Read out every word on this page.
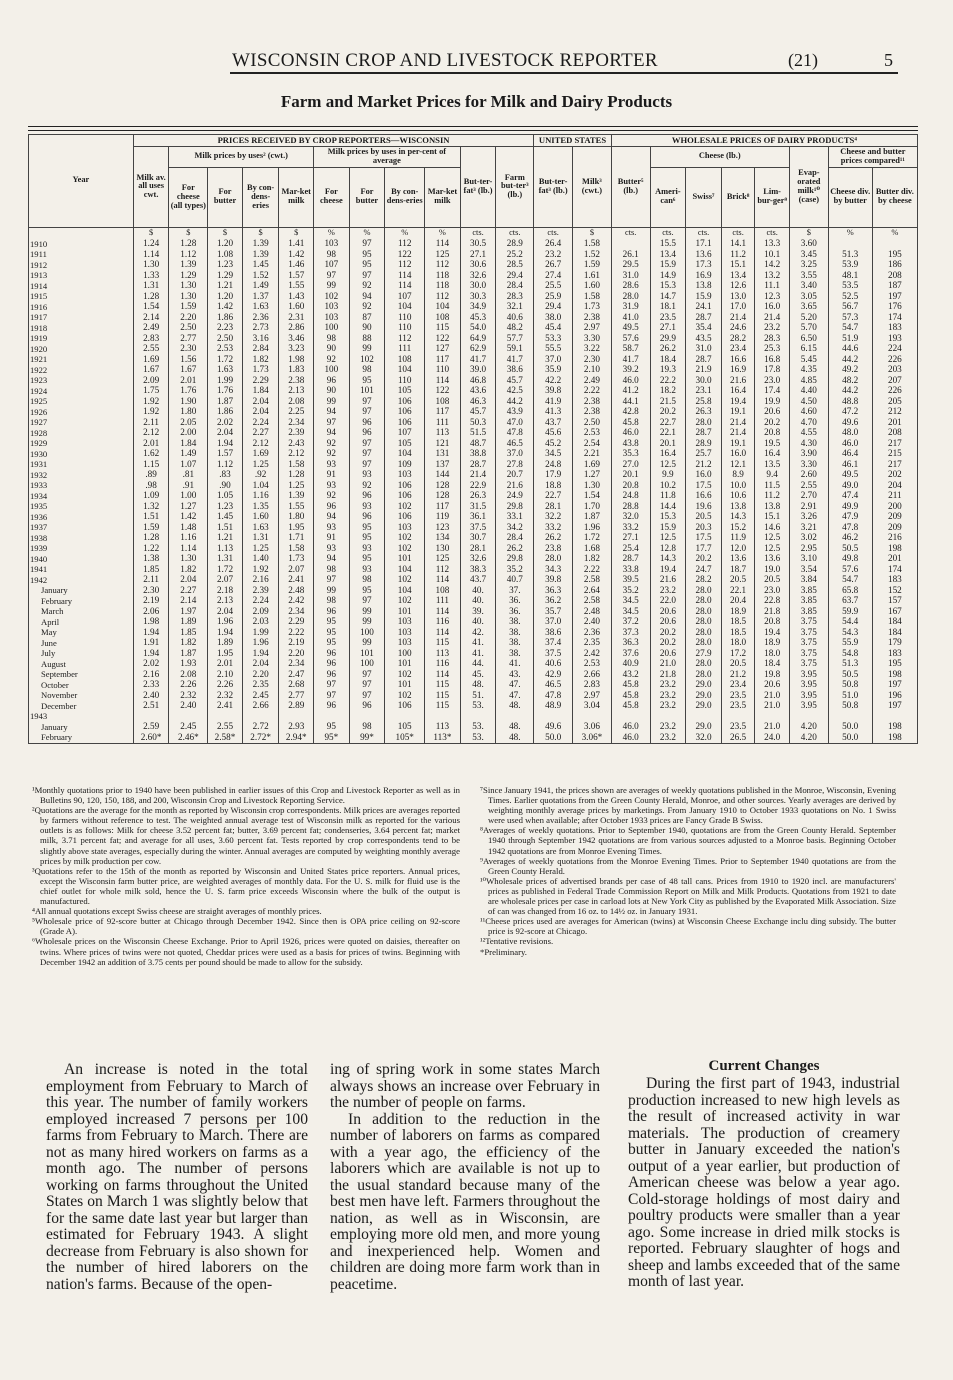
WISCONSIN CROP AND LIVESTOCK REPORTER	(21)	5
Farm and Market Prices for Milk and Dairy Products
Year	PRICES RECEIVED BY CROP REPORTERS—WISCONSIN											UNITED STATES		WHOLESALE PRICES OF DAIRY PRODUCTS⁴							
	Milk av. all uses cwt.	Milk prices by uses² (cwt.)				Milk prices by uses in per-cent of average				But-ter-fat³ (lb.)	Farm but-ter³ (lb.)	But-ter-fat³ (lb.)	Milk³ (cwt.)	Butter⁵ (lb.)	Cheese (lb.)				Evap-orated milk¹⁰ (case)	Cheese and butter prices compared¹¹	
		For cheese (all types)	For butter	By con-dens-eries	Mar-ket milk	For cheese	For butter	By con-dens-eries	Mar-ket milk						Ameri-can⁶	Swiss⁷	Brick⁸	Lim-bur-ger⁹		Cheese div. by butter	Butter div. by cheese
	$	$	$	$	$	%	%	%	%	cts.	cts.	cts.	$	cts.	cts.	cts.	cts.	cts.	$	%	%
1910	1.24	1.28	1.20	1.39	1.41	103	97	112	114	30.5	28.9	26.4	1.58		15.5	17.1	14.1	13.3	3.60		
1911	1.14	1.12	1.08	1.39	1.42	98	95	122	125	27.1	25.2	23.2	1.52	26.1	13.4	13.6	11.2	10.1	3.45	51.3	195
1912	1.30	1.39	1.23	1.45	1.46	107	95	112	112	30.6	28.5	26.7	1.59	29.5	15.9	17.3	15.1	14.2	3.25	53.9	186
1913	1.33	1.29	1.29	1.52	1.57	97	97	114	118	32.6	29.4	27.4	1.61	31.0	14.9	16.9	13.4	13.2	3.55	48.1	208
1914	1.31	1.30	1.21	1.49	1.55	99	92	114	118	30.0	28.4	25.5	1.60	28.6	15.3	13.8	12.6	11.1	3.40	53.5	187
1915	1.28	1.30	1.20	1.37	1.43	102	94	107	112	30.3	28.3	25.9	1.58	28.0	14.7	15.9	13.0	12.3	3.05	52.5	197
1916	1.54	1.59	1.42	1.63	1.60	103	92	104	104	34.9	32.1	29.4	1.73	31.9	18.1	24.1	17.0	16.0	3.65	56.7	176
1917	2.14	2.20	1.86	2.36	2.31	103	87	110	108	45.3	40.6	38.0	2.38	41.0	23.5	28.7	21.4	21.4	5.20	57.3	174
1918	2.49	2.50	2.23	2.73	2.86	100	90	110	115	54.0	48.2	45.4	2.97	49.5	27.1	35.4	24.6	23.2	5.70	54.7	183
1919	2.83	2.77	2.50	3.16	3.46	98	88	112	122	64.9	57.7	53.3	3.30	57.6	29.9	43.5	28.2	28.3	6.50	51.9	193
1920	2.55	2.30	2.53	2.84	3.23	90	99	111	127	62.9	59.1	55.5	3.22	58.7	26.2	31.0	23.4	25.3	6.15	44.6	224
1921	1.69	1.56	1.72	1.82	1.98	92	102	108	117	41.7	41.7	37.0	2.30	41.7	18.4	28.7	16.6	16.8	5.45	44.2	226
1922	1.67	1.67	1.63	1.73	1.83	100	98	104	110	39.0	38.6	35.9	2.10	39.2	19.3	21.9	16.9	17.8	4.35	49.2	203
1923	2.09	2.01	1.99	2.29	2.38	96	95	110	114	46.8	45.7	42.2	2.49	46.0	22.2	30.0	21.6	23.0	4.85	48.2	207
1924	1.75	1.76	1.76	1.84	2.13	90	101	105	122	43.6	42.5	39.8	2.22	41.2	18.2	23.1	16.4	17.4	4.40	44.2	226
1925	1.92	1.90	1.87	2.04	2.08	99	97	106	108	46.3	44.2	41.9	2.38	44.1	21.5	25.8	19.4	19.9	4.50	48.8	205
1926	1.92	1.80	1.86	2.04	2.25	94	97	106	117	45.7	43.9	41.3	2.38	42.8	20.2	26.3	19.1	20.6	4.60	47.2	212
1927	2.11	2.05	2.02	2.24	2.34	97	96	106	111	50.3	47.0	43.7	2.50	45.8	22.7	28.0	21.4	20.2	4.70	49.6	201
1928	2.12	2.00	2.04	2.27	2.39	94	96	107	113	51.5	47.8	45.6	2.53	46.0	22.1	28.7	21.4	20.8	4.55	48.0	208
1929	2.01	1.84	1.94	2.12	2.43	92	97	105	121	48.7	46.5	45.2	2.54	43.8	20.1	28.9	19.1	19.5	4.30	46.0	217
1930	1.62	1.49	1.57	1.69	2.12	92	97	104	131	38.8	37.0	34.5	2.21	35.3	16.4	25.7	16.0	16.4	3.90	46.4	215
1931	1.15	1.07	1.12	1.25	1.58	93	97	109	137	28.7	27.8	24.8	1.69	27.0	12.5	21.2	12.1	13.5	3.30	46.1	217
1932	.89	.81	.83	.92	1.28	91	93	103	144	21.4	20.7	17.9	1.27	20.1	9.9	16.0	8.9	9.4	2.60	49.5	202
1933	.98	.91	.90	1.04	1.25	93	92	106	128	22.9	21.6	18.8	1.30	20.8	10.2	17.5	10.0	11.5	2.55	49.0	204
1934	1.09	1.00	1.05	1.16	1.39	92	96	106	128	26.3	24.9	22.7	1.54	24.8	11.8	16.6	10.6	11.2	2.70	47.4	211
1935	1.32	1.27	1.23	1.35	1.55	96	93	102	117	31.5	29.8	28.1	1.70	28.8	14.4	19.6	13.8	13.8	2.91	49.9	200
1936	1.51	1.42	1.45	1.60	1.80	94	96	106	119	36.1	33.1	32.2	1.87	32.0	15.3	20.5	14.3	15.1	3.26	47.9	209
1937	1.59	1.48	1.51	1.63	1.95	93	95	103	123	37.5	34.2	33.2	1.96	33.2	15.9	20.3	15.2	14.6	3.21	47.8	209
1938	1.28	1.16	1.21	1.31	1.71	91	95	102	134	30.7	28.4	26.2	1.72	27.1	12.5	17.5	11.9	12.5	3.02	46.2	216
1939	1.22	1.14	1.13	1.25	1.58	93	93	102	130	28.1	26.2	23.8	1.68	25.4	12.8	17.7	12.0	12.5	2.95	50.5	198
1940	1.38	1.30	1.31	1.40	1.73	94	95	101	125	32.6	29.8	28.0	1.82	28.7	14.3	20.2	13.6	13.6	3.10	49.8	201
1941	1.85	1.82	1.72	1.92	2.07	98	93	104	112	38.3	35.2	34.3	2.22	33.8	19.4	24.7	18.7	19.0	3.54	57.6	174
1942	2.11	2.04	2.07	2.16	2.41	97	98	102	114	43.7	40.7	39.8	2.58	39.5	21.6	28.2	20.5	20.5	3.84	54.7	183
January	2.30	2.27	2.18	2.39	2.48	99	95	104	108	40.	37.	36.3	2.64	35.2	23.2	28.0	22.1	23.0	3.85	65.8	152
February	2.19	2.14	2.13	2.24	2.42	98	97	102	111	40.	36.	36.2	2.58	34.5	22.0	28.0	20.4	22.8	3.85	63.7	157
March	2.06	1.97	2.04	2.09	2.34	96	99	101	114	39.	36.	35.7	2.48	34.5	20.6	28.0	18.9	21.8	3.85	59.9	167
April	1.98	1.89	1.96	2.03	2.29	95	99	103	116	40.	38.	37.0	2.40	37.2	20.6	28.0	18.5	20.8	3.75	54.4	184
May	1.94	1.85	1.94	1.99	2.22	95	100	103	114	42.	38.	38.6	2.36	37.3	20.2	28.0	18.5	19.4	3.75	54.3	184
June	1.91	1.82	1.89	1.96	2.19	95	99	103	115	41.	38.	37.4	2.35	36.3	20.2	28.0	18.0	18.9	3.75	55.9	179
July	1.94	1.87	1.95	1.94	2.20	96	101	100	113	41.	38.	37.5	2.42	37.6	20.6	27.9	17.2	18.0	3.75	54.8	183
August	2.02	1.93	2.01	2.04	2.34	96	100	101	116	44.	41.	40.6	2.53	40.9	21.0	28.0	20.5	18.4	3.75	51.3	195
September	2.16	2.08	2.10	2.20	2.47	96	97	102	114	45.	43.	42.9	2.66	43.2	21.8	28.0	21.2	19.8	3.95	50.5	198
October	2.33	2.26	2.26	2.35	2.68	97	97	101	115	48.	47.	46.5	2.83	45.8	23.2	29.0	23.4	20.6	3.95	50.8	197
November	2.40	2.32	2.32	2.45	2.77	97	97	102	115	51.	47.	47.8	2.97	45.8	23.2	29.0	23.5	21.0	3.95	51.0	196
December	2.51	2.40	2.41	2.66	2.89	96	96	106	115	53.	48.	48.9	3.04	45.8	23.2	29.0	23.5	21.0	3.95	50.8	197
1943																					
January	2.59	2.45	2.55	2.72	2.93	95	98	105	113	53.	48.	49.6	3.06	46.0	23.2	29.0	23.5	21.0	4.20	50.0	198
February	2.60*	2.46*	2.58*	2.72*	2.94*	95*	99*	105*	113*	53.	48.	50.0	3.06*	46.0	23.2	32.0	26.5	24.0	4.20	50.0	198

¹Monthly quotations prior to 1940 have been published in earlier issues of this Crop and Livestock Reporter as well as in Bulletins 90, 120, 150, 188, and 200, Wisconsin Crop and Livestock Reporting Service.

²Quotations are the average for the month as reported by Wisconsin crop correspondents. Milk prices are averages reported by farmers without reference to test. The weighted annual average test of Wisconsin milk as reported for the various outlets is as follows: Milk for cheese 3.52 percent fat; butter, 3.69 percent fat; condenseries, 3.64 percent fat; market milk, 3.71 percent fat; and average for all uses, 3.60 percent fat. Tests reported by crop correspondents tend to be slightly above state averages, especially during the winter. Annual averages are computed by weighting monthly average prices by milk production per cow.

³Quotations refer to the 15th of the month as reported by Wisconsin and United States price reporters. Annual prices, except the Wisconsin farm butter price, are weighted averages of monthly data. For the U. S. milk for fluid use is the chief outlet for whole milk sold, hence the U. S. farm price exceeds Wisconsin where the bulk of the output is manufactured.

⁴All annual quotations except Swiss cheese are straight averages of monthly prices.

⁵Wholesale price of 92-score butter at Chicago through December 1942. Since then is OPA price ceiling on 92-score (Grade A).

⁶Wholesale prices on the Wisconsin Cheese Exchange. Prior to April 1926, prices were quoted on daisies, thereafter on twins. Where prices of twins were not quoted, Cheddar prices were used as a basis for prices of twins. Beginning with December 1942 an addition of 3.75 cents per pound should be made to allow for the subsidy.

⁷Since January 1941, the prices shown are averages of weekly quotations published in the Monroe, Wisconsin, Evening Times. Earlier quotations from the Green County Herald, Monroe, and other sources. Yearly averages are derived by weighting monthly average prices by marketings. From January 1910 to October 1933 quotations on No. 1 Swiss were used when available; after October 1933 prices are Fancy Grade B Swiss.

⁸Averages of weekly quotations. Prior to September 1940, quotations are from the Green County Herald. September 1940 through September 1942 quotations are from various sources adjusted to a Monroe basis. Beginning October 1942 quotations are from Monroe Evening Times.

⁹Averages of weekly quotations from the Monroe Evening Times. Prior to September 1940 quotations are from the Green County Herald.

¹⁰Wholesale prices of advertised brands per case of 48 tall cans. Prices from 1910 to 1920 incl. are manufacturers' prices as published in Federal Trade Commission Report on Milk and Milk Products. Quotations from 1921 to date are wholesale prices per case in carload lots at New York City as published by the Evaporated Milk Association. Size of can was changed from 16 oz. to 14½ oz. in January 1931.

¹¹Cheese prices used are averages for American (twins) at Wisconsin Cheese Exchange inclu ding subsidy. The butter price is 92-score at Chicago.

¹²Tentative revisions.

*Preliminary.

An increase is noted in the total employment from February to March of this year. The number of family workers employed increased 7 persons per 100 farms from February to March. There are not as many hired workers on farms as a month ago. The number of persons working on farms throughout the United States on March 1 was slightly below that for the same date last year but larger than estimated for February 1943. A slight decrease from February is also shown for the number of hired laborers on the nation's farms. Because of the open-

ing of spring work in some states March always shows an increase over February in the number of people on farms.

In addition to the reduction in the number of laborers on farms as compared with a year ago, the efficiency of the laborers which are available is not up to the usual standard because many of the best men have left. Farmers throughout the nation, as well as in Wisconsin, are employing more old men, and more young and inexperienced help. Women and children are doing more farm work than in peacetime.

Current Changes

During the first part of 1943, industrial production increased to new high levels as the result of increased activity in war materials. The production of creamery butter in January exceeded the nation's output of a year earlier, but production of American cheese was below a year ago. Cold-storage holdings of most dairy and poultry products were smaller than a year ago. Some increase in dried milk stocks is reported. February slaughter of hogs and sheep and lambs exceeded that of the same month of last year.
